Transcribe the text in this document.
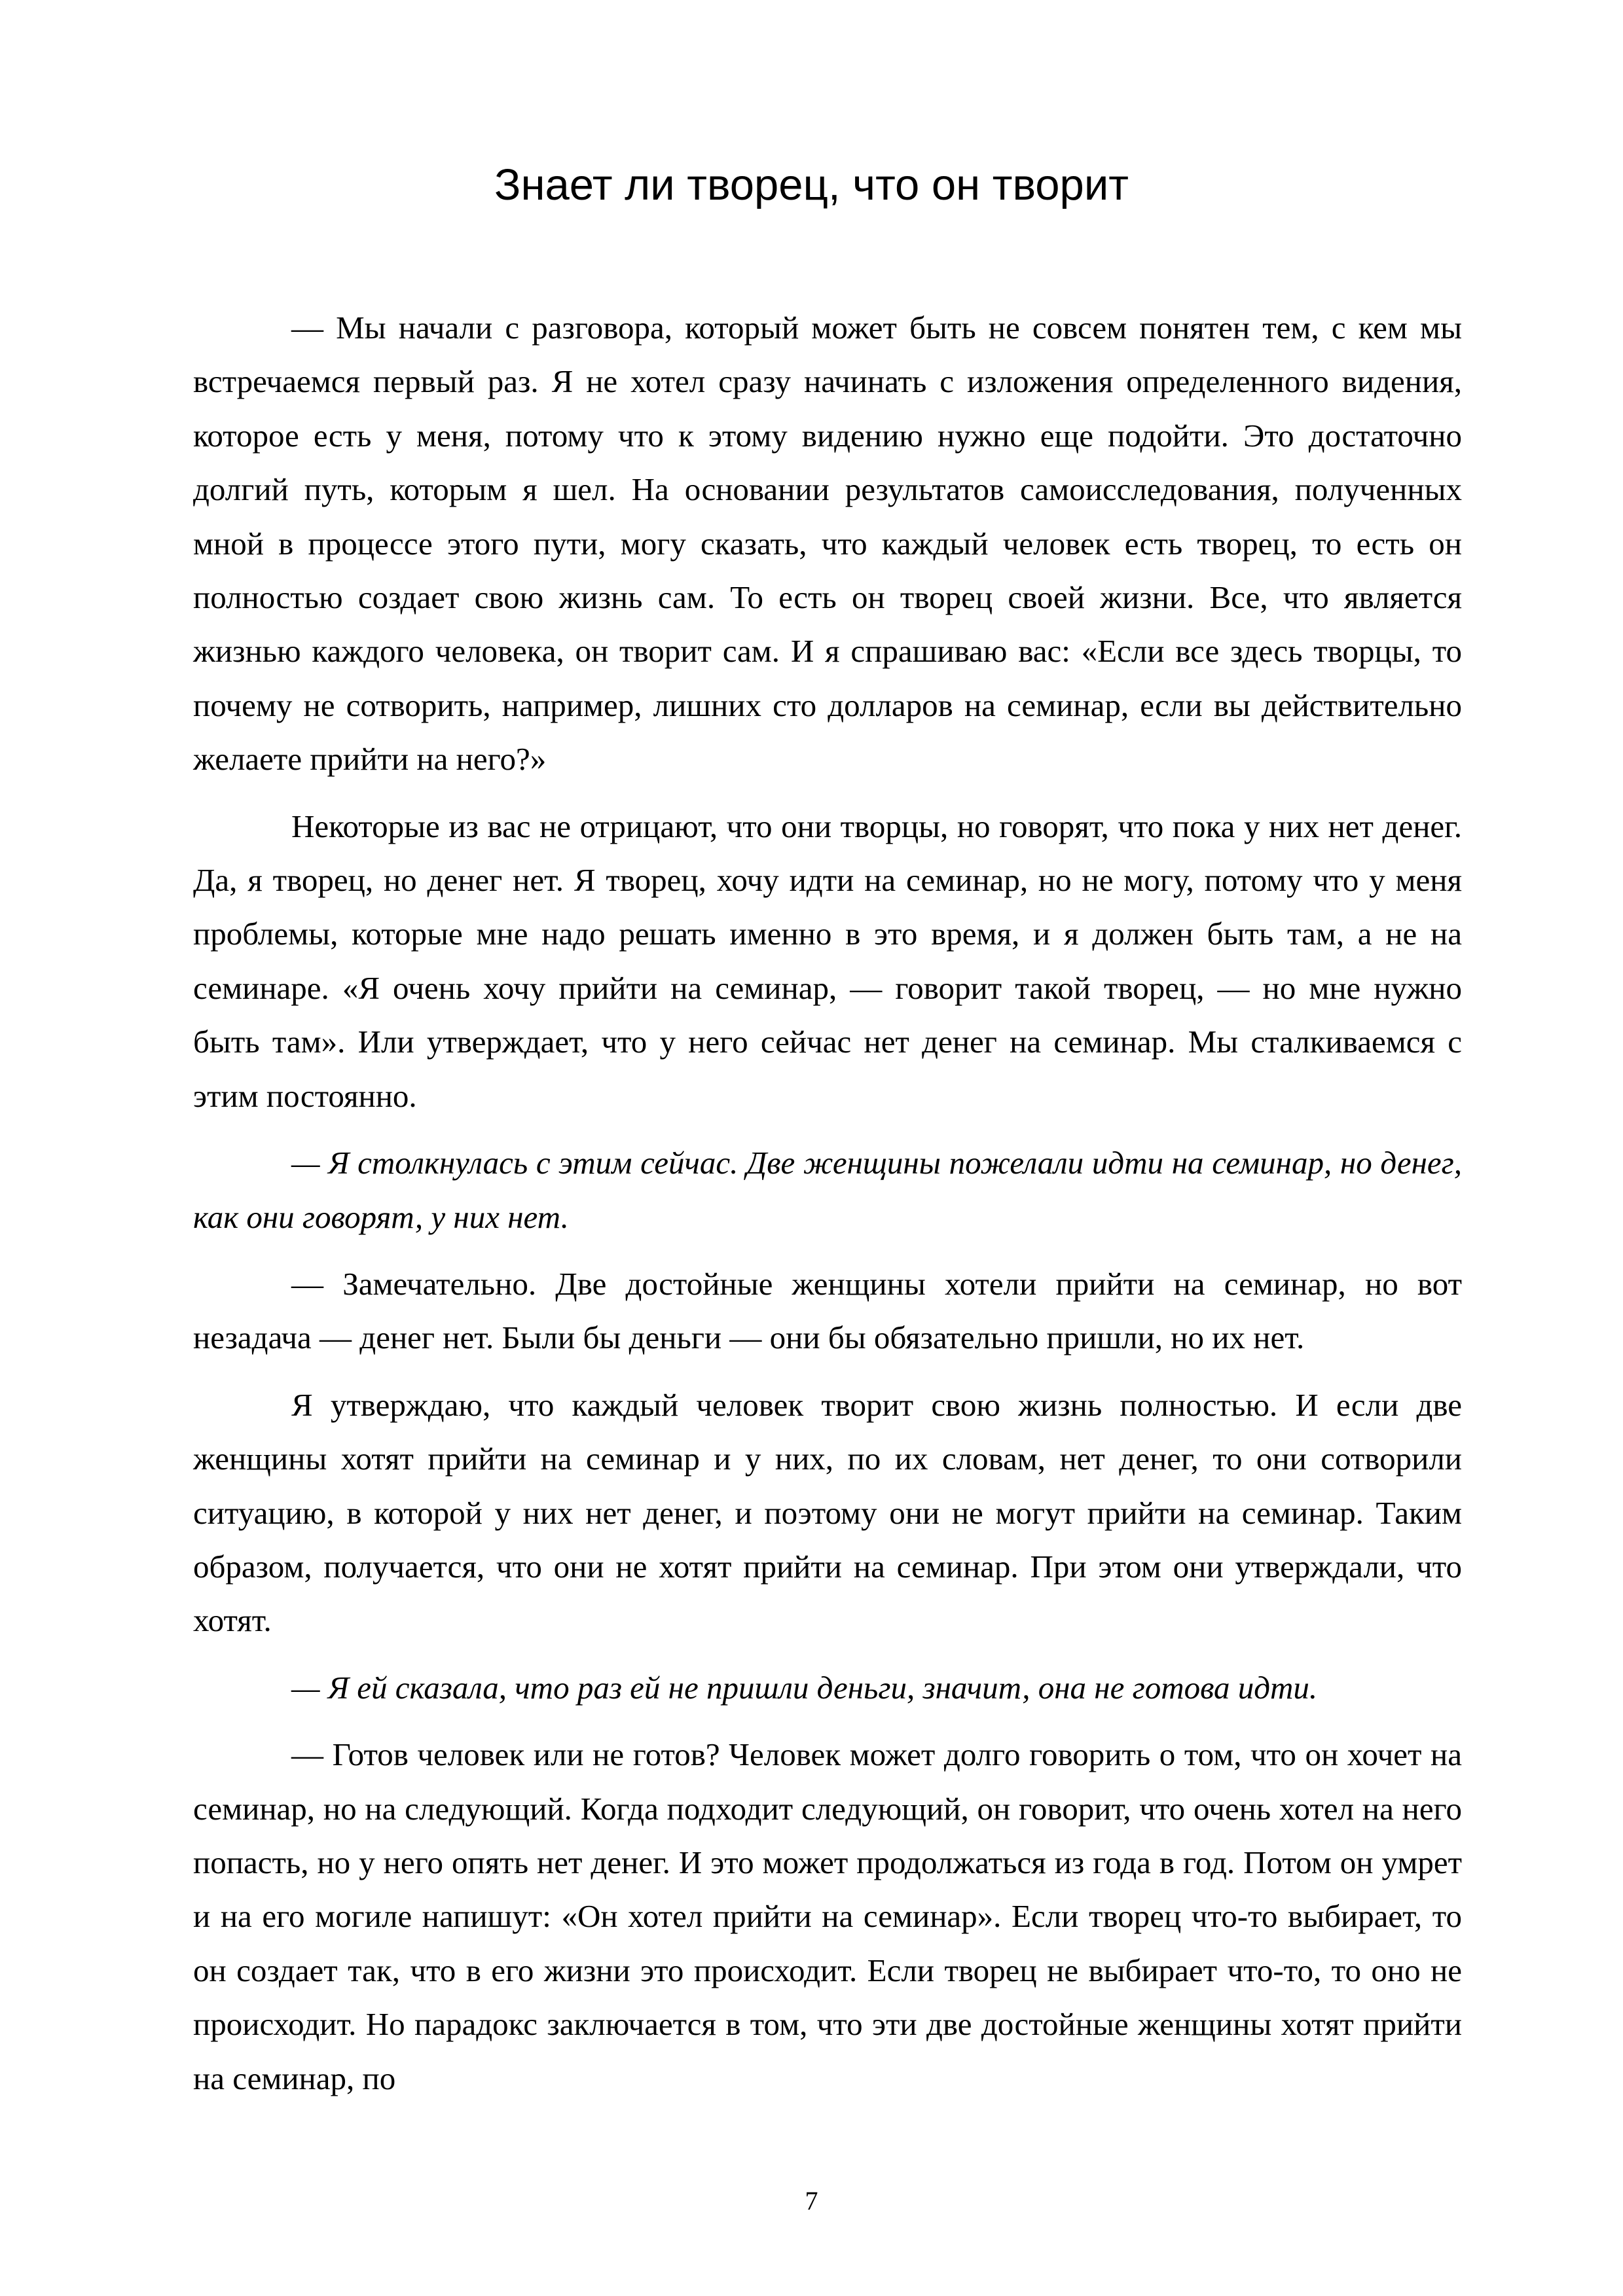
Знает ли творец, что он творит

— Мы начали с разговора, который может быть не совсем понятен тем, с кем мы встречаемся первый раз. Я не хотел сразу начинать с изложения определенного видения, которое есть у меня, потому что к этому видению нужно еще подойти. Это достаточно долгий путь, которым я шел. На основании результатов самоисследования, полученных мной в процессе этого пути, могу сказать, что каждый человек есть творец, то есть он полностью создает свою жизнь сам. То есть он творец своей жизни. Все, что является жизнью каждого человека, он творит сам. И я спрашиваю вас: «Если все здесь творцы, то почему не сотворить, например, лишних сто долларов на семинар, если вы действительно желаете прийти на него?»

Некоторые из вас не отрицают, что они творцы, но говорят, что пока у них нет денег. Да, я творец, но денег нет. Я творец, хочу идти на семинар, но не могу, потому что у меня проблемы, которые мне надо решать именно в это время, и я должен быть там, а не на семинаре. «Я очень хочу прийти на семинар, — говорит такой творец, — но мне нужно быть там». Или утверждает, что у него сейчас нет денег на семинар. Мы сталкиваемся с этим постоянно.

— Я столкнулась с этим сейчас. Две женщины пожелали идти на семинар, но денег, как они говорят, у них нет.

— Замечательно. Две достойные женщины хотели прийти на семинар, но вот незадача — денег нет. Были бы деньги — они бы обязательно пришли, но их нет.

Я утверждаю, что каждый человек творит свою жизнь полностью. И если две женщины хотят прийти на семинар и у них, по их словам, нет денег, то они сотворили ситуацию, в которой у них нет денег, и поэтому они не могут прийти на семинар. Таким образом, получается, что они не хотят прийти на семинар. При этом они утверждали, что хотят.

— Я ей сказала, что раз ей не пришли деньги, значит, она не готова идти.

— Готов человек или не готов? Человек может долго говорить о том, что он хочет на семинар, но на следующий. Когда подходит следующий, он говорит, что очень хотел на него попасть, но у него опять нет денег. И это может продолжаться из года в год. Потом он умрет и на его могиле напишут: «Он хотел прийти на семинар». Если творец что-то выбирает, то он создает так, что в его жизни это происходит. Если творец не выбирает что-то, то оно не происходит. Но парадокс заключается в том, что эти две достойные женщины хотят прийти на семинар, по

7
